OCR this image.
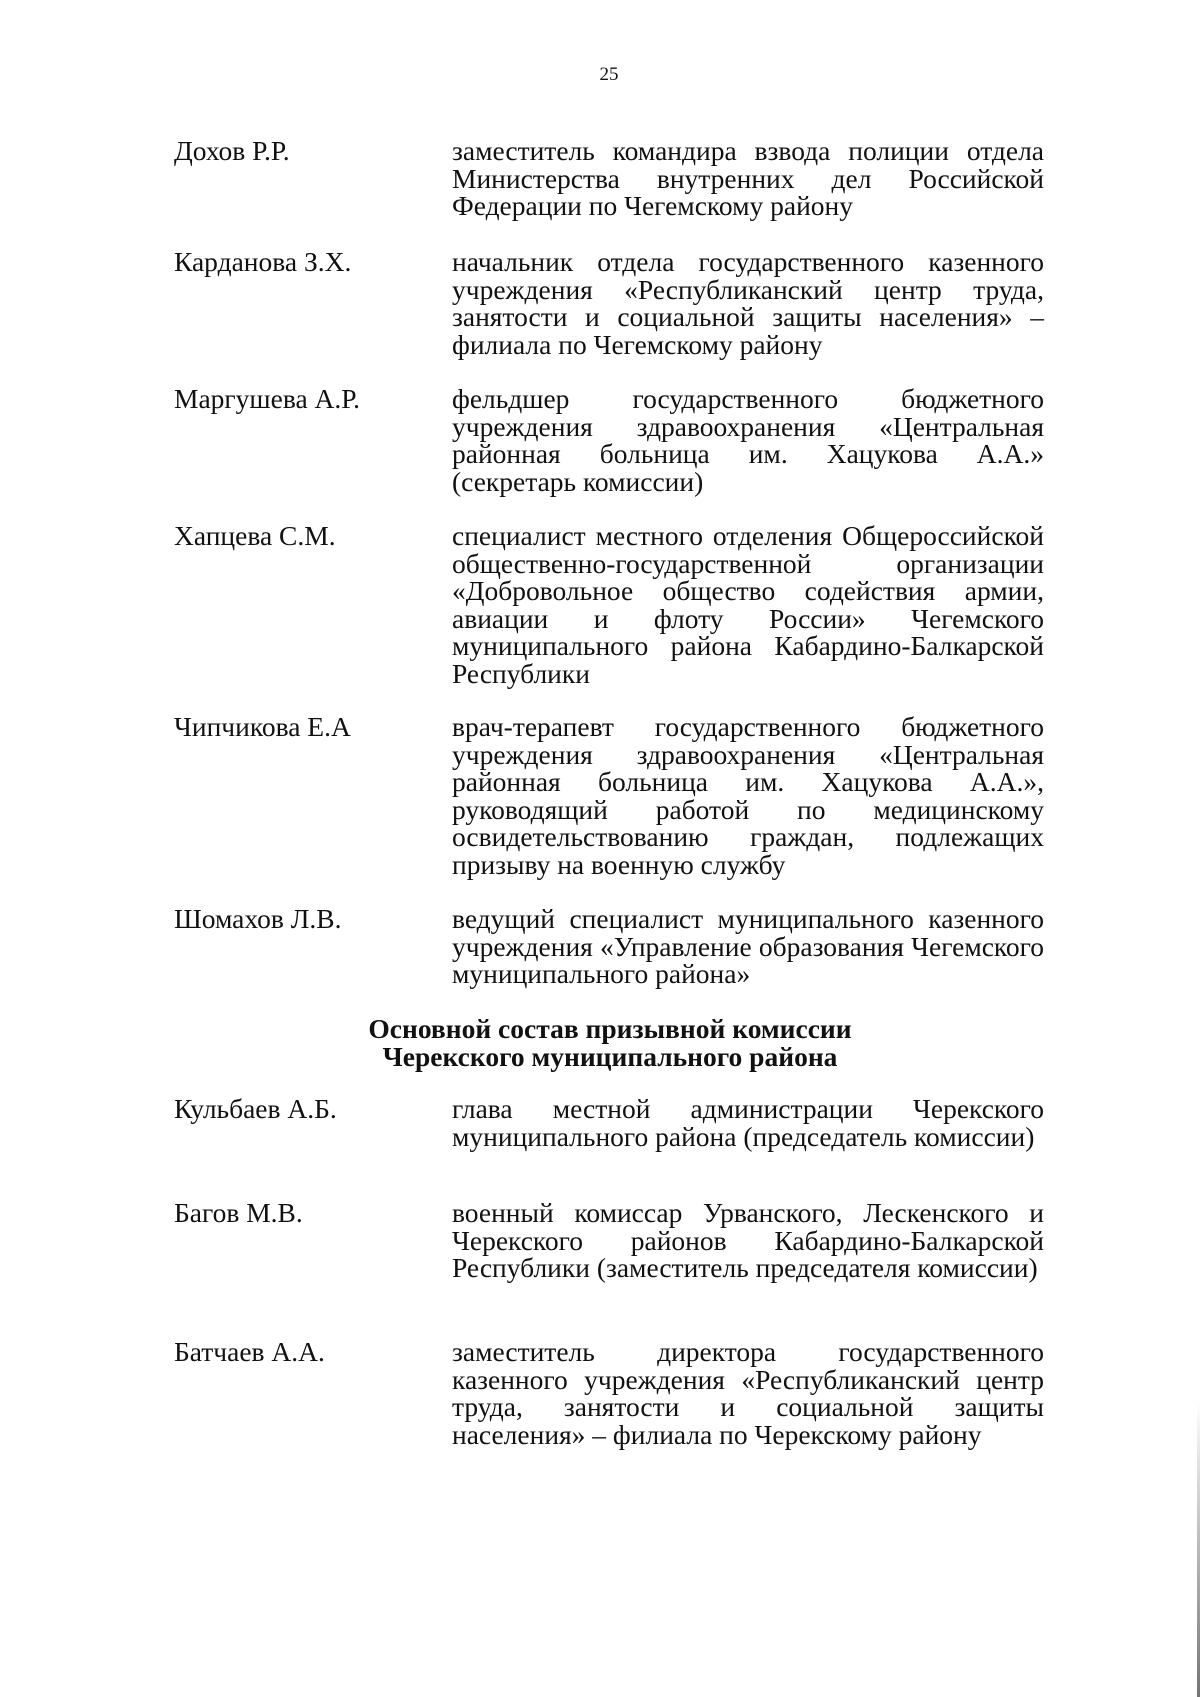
25
Дохов Р.Р.	заместитель командира взвода полиции отдела Министерства внутренних дел Российской Федерации по Чегемскому району
Карданова З.Х.	начальник отдела государственного казенного учреждения «Республиканский центр труда, занятости и социальной защиты населения» – филиала по Чегемскому району
Маргушева А.Р.	фельдшер государственного бюджетного учреждения здравоохранения «Центральная районная больница им. Хацукова А.А.» (секретарь комиссии)
Хапцева С.М.	специалист местного отделения Общероссийской общественно-государственной организации «Добровольное общество содействия армии, авиации и флоту России» Чегемского муниципального района Кабардино-Балкарской Республики
Чипчикова Е.А	врач-терапевт государственного бюджетного учреждения здравоохранения «Центральная районная больница им. Хацукова А.А.», руководящий работой по медицинскому освидетельствованию граждан, подлежащих призыву на военную службу
Шомахов Л.В.	ведущий специалист муниципального казенного учреждения «Управление образования Чегемского муниципального района»
Основной состав призывной комиссии
Черекского муниципального района
Кульбаев А.Б.	глава местной администрации Черекского муниципального района (председатель комиссии)
Багов М.В.	военный комиссар Урванского, Лескенского и Черекского районов Кабардино-Балкарской Республики (заместитель председателя комиссии)
Батчаев А.А.	заместитель директора государственного казенного учреждения «Республиканский центр труда, занятости и социальной защиты населения» – филиала по Черекскому району
